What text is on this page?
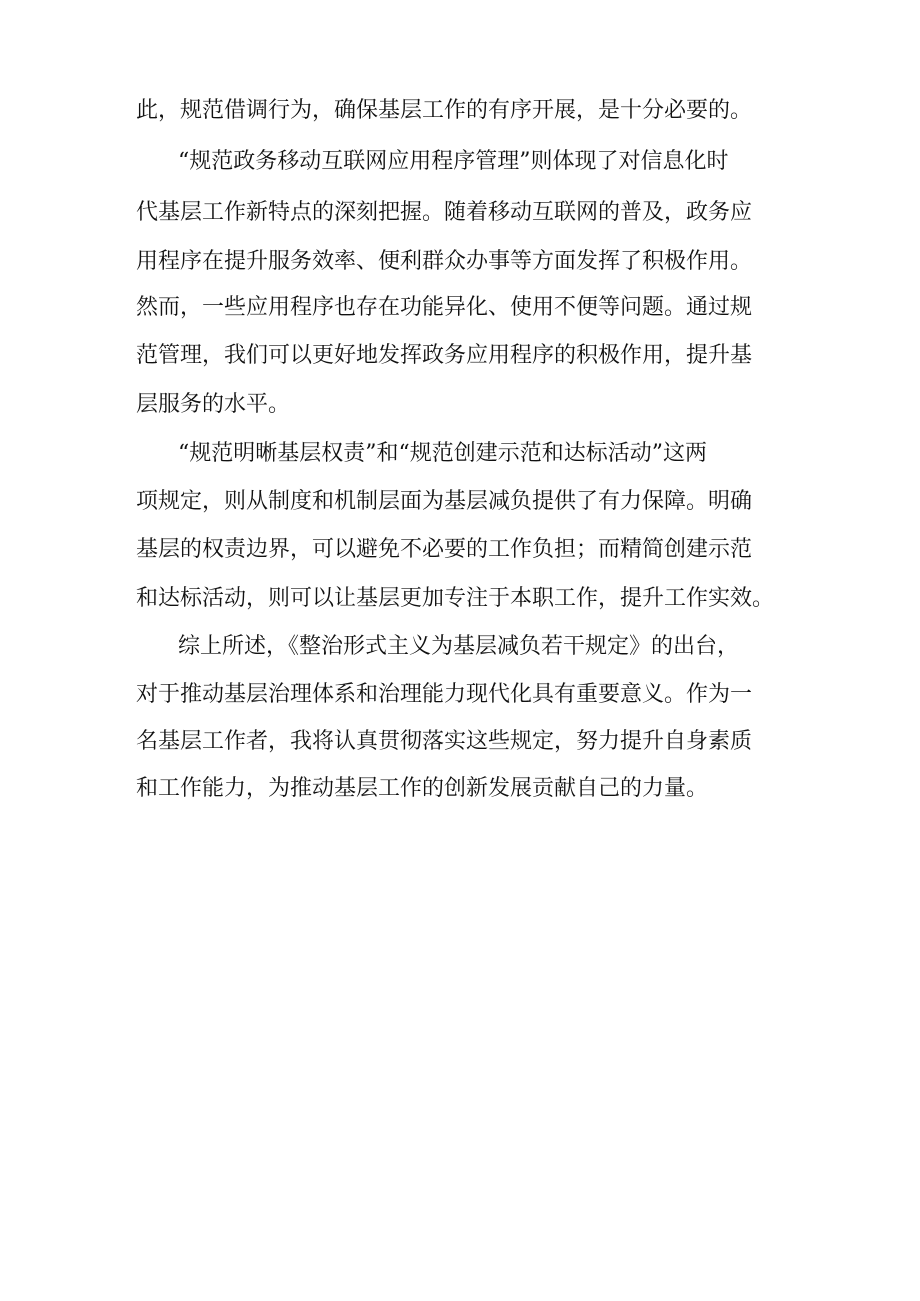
此，规范借调行为，确保基层工作的有序开展，是十分必要的。
“规范政务移动互联网应用程序管理”则体现了对信息化时
代基层工作新特点的深刻把握。随着移动互联网的普及，政务应
用程序在提升服务效率、便利群众办事等方面发挥了积极作用。
然而，一些应用程序也存在功能异化、使用不便等问题。通过规
范管理，我们可以更好地发挥政务应用程序的积极作用，提升基
层服务的水平。
“规范明晰基层权责”和“规范创建示范和达标活动”这两
项规定，则从制度和机制层面为基层减负提供了有力保障。明确
基层的权责边界，可以避免不必要的工作负担；而精简创建示范
和达标活动，则可以让基层更加专注于本职工作，提升工作实效。
综上所述，《整治形式主义为基层减负若干规定》的出台，
对于推动基层治理体系和治理能力现代化具有重要意义。作为一
名基层工作者，我将认真贯彻落实这些规定，努力提升自身素质
和工作能力，为推动基层工作的创新发展贡献自己的力量。
